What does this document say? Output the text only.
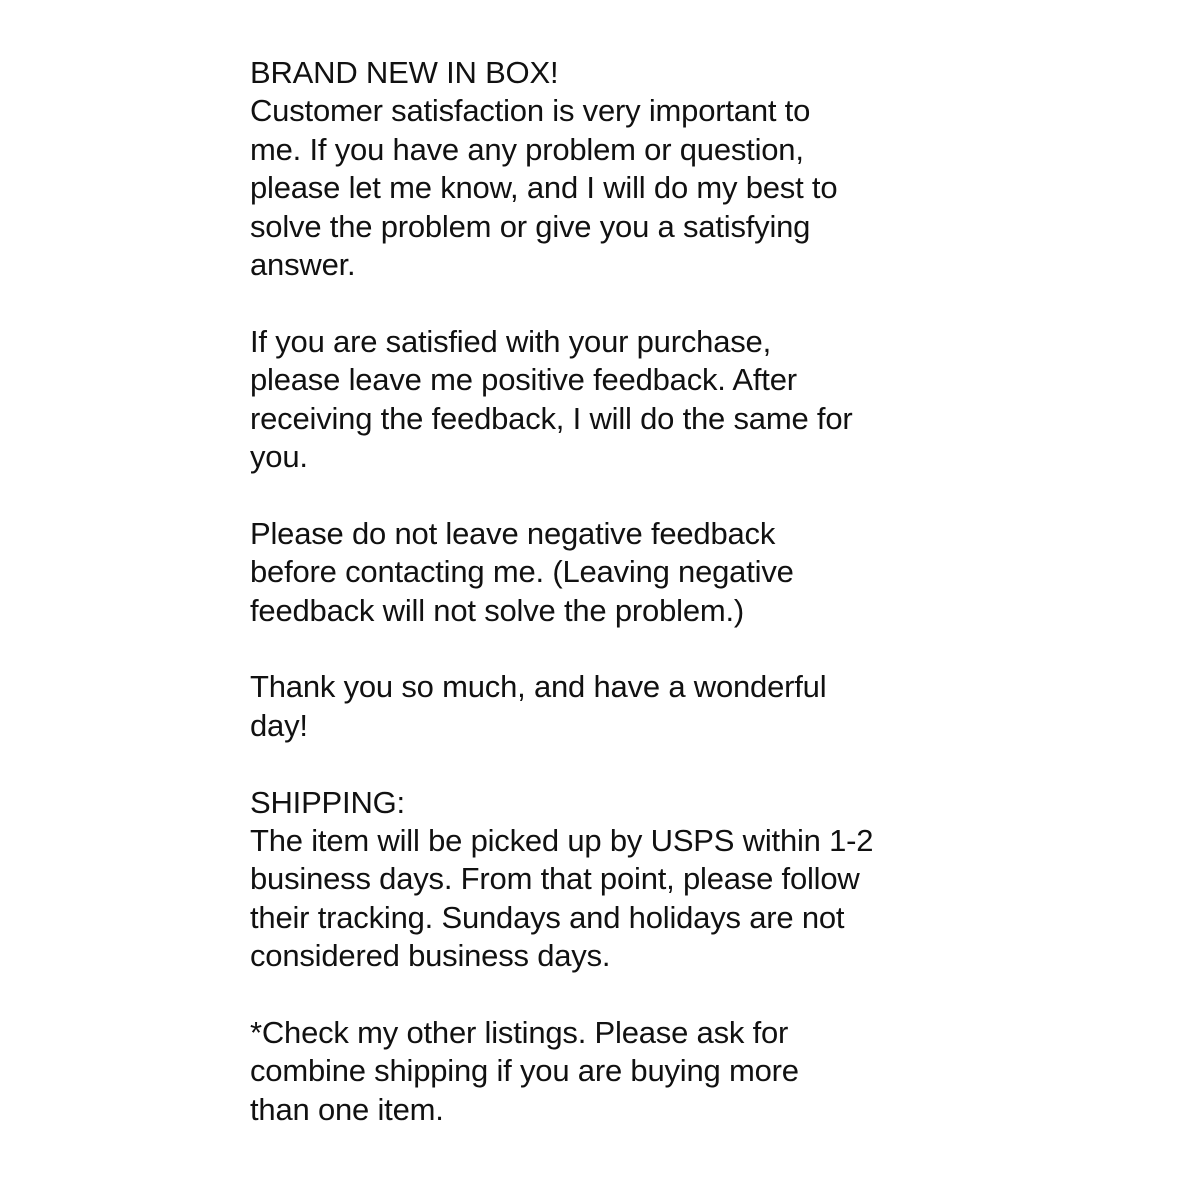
BRAND NEW IN BOX!
Customer satisfaction is very important to
me. If you have any problem or question,
please let me know, and I will do my best to
solve the problem or give you a satisfying
answer.
If you are satisfied with your purchase,
please leave me positive feedback. After
receiving the feedback, I will do the same for
you.
Please do not leave negative feedback
before contacting me. (Leaving negative
feedback will not solve the problem.)
Thank you so much, and have a wonderful
day!
SHIPPING:
The item will be picked up by USPS within 1-2
business days. From that point, please follow
their tracking. Sundays and holidays are not
considered business days.
*Check my other listings. Please ask for
combine shipping if you are buying more
than one item.
